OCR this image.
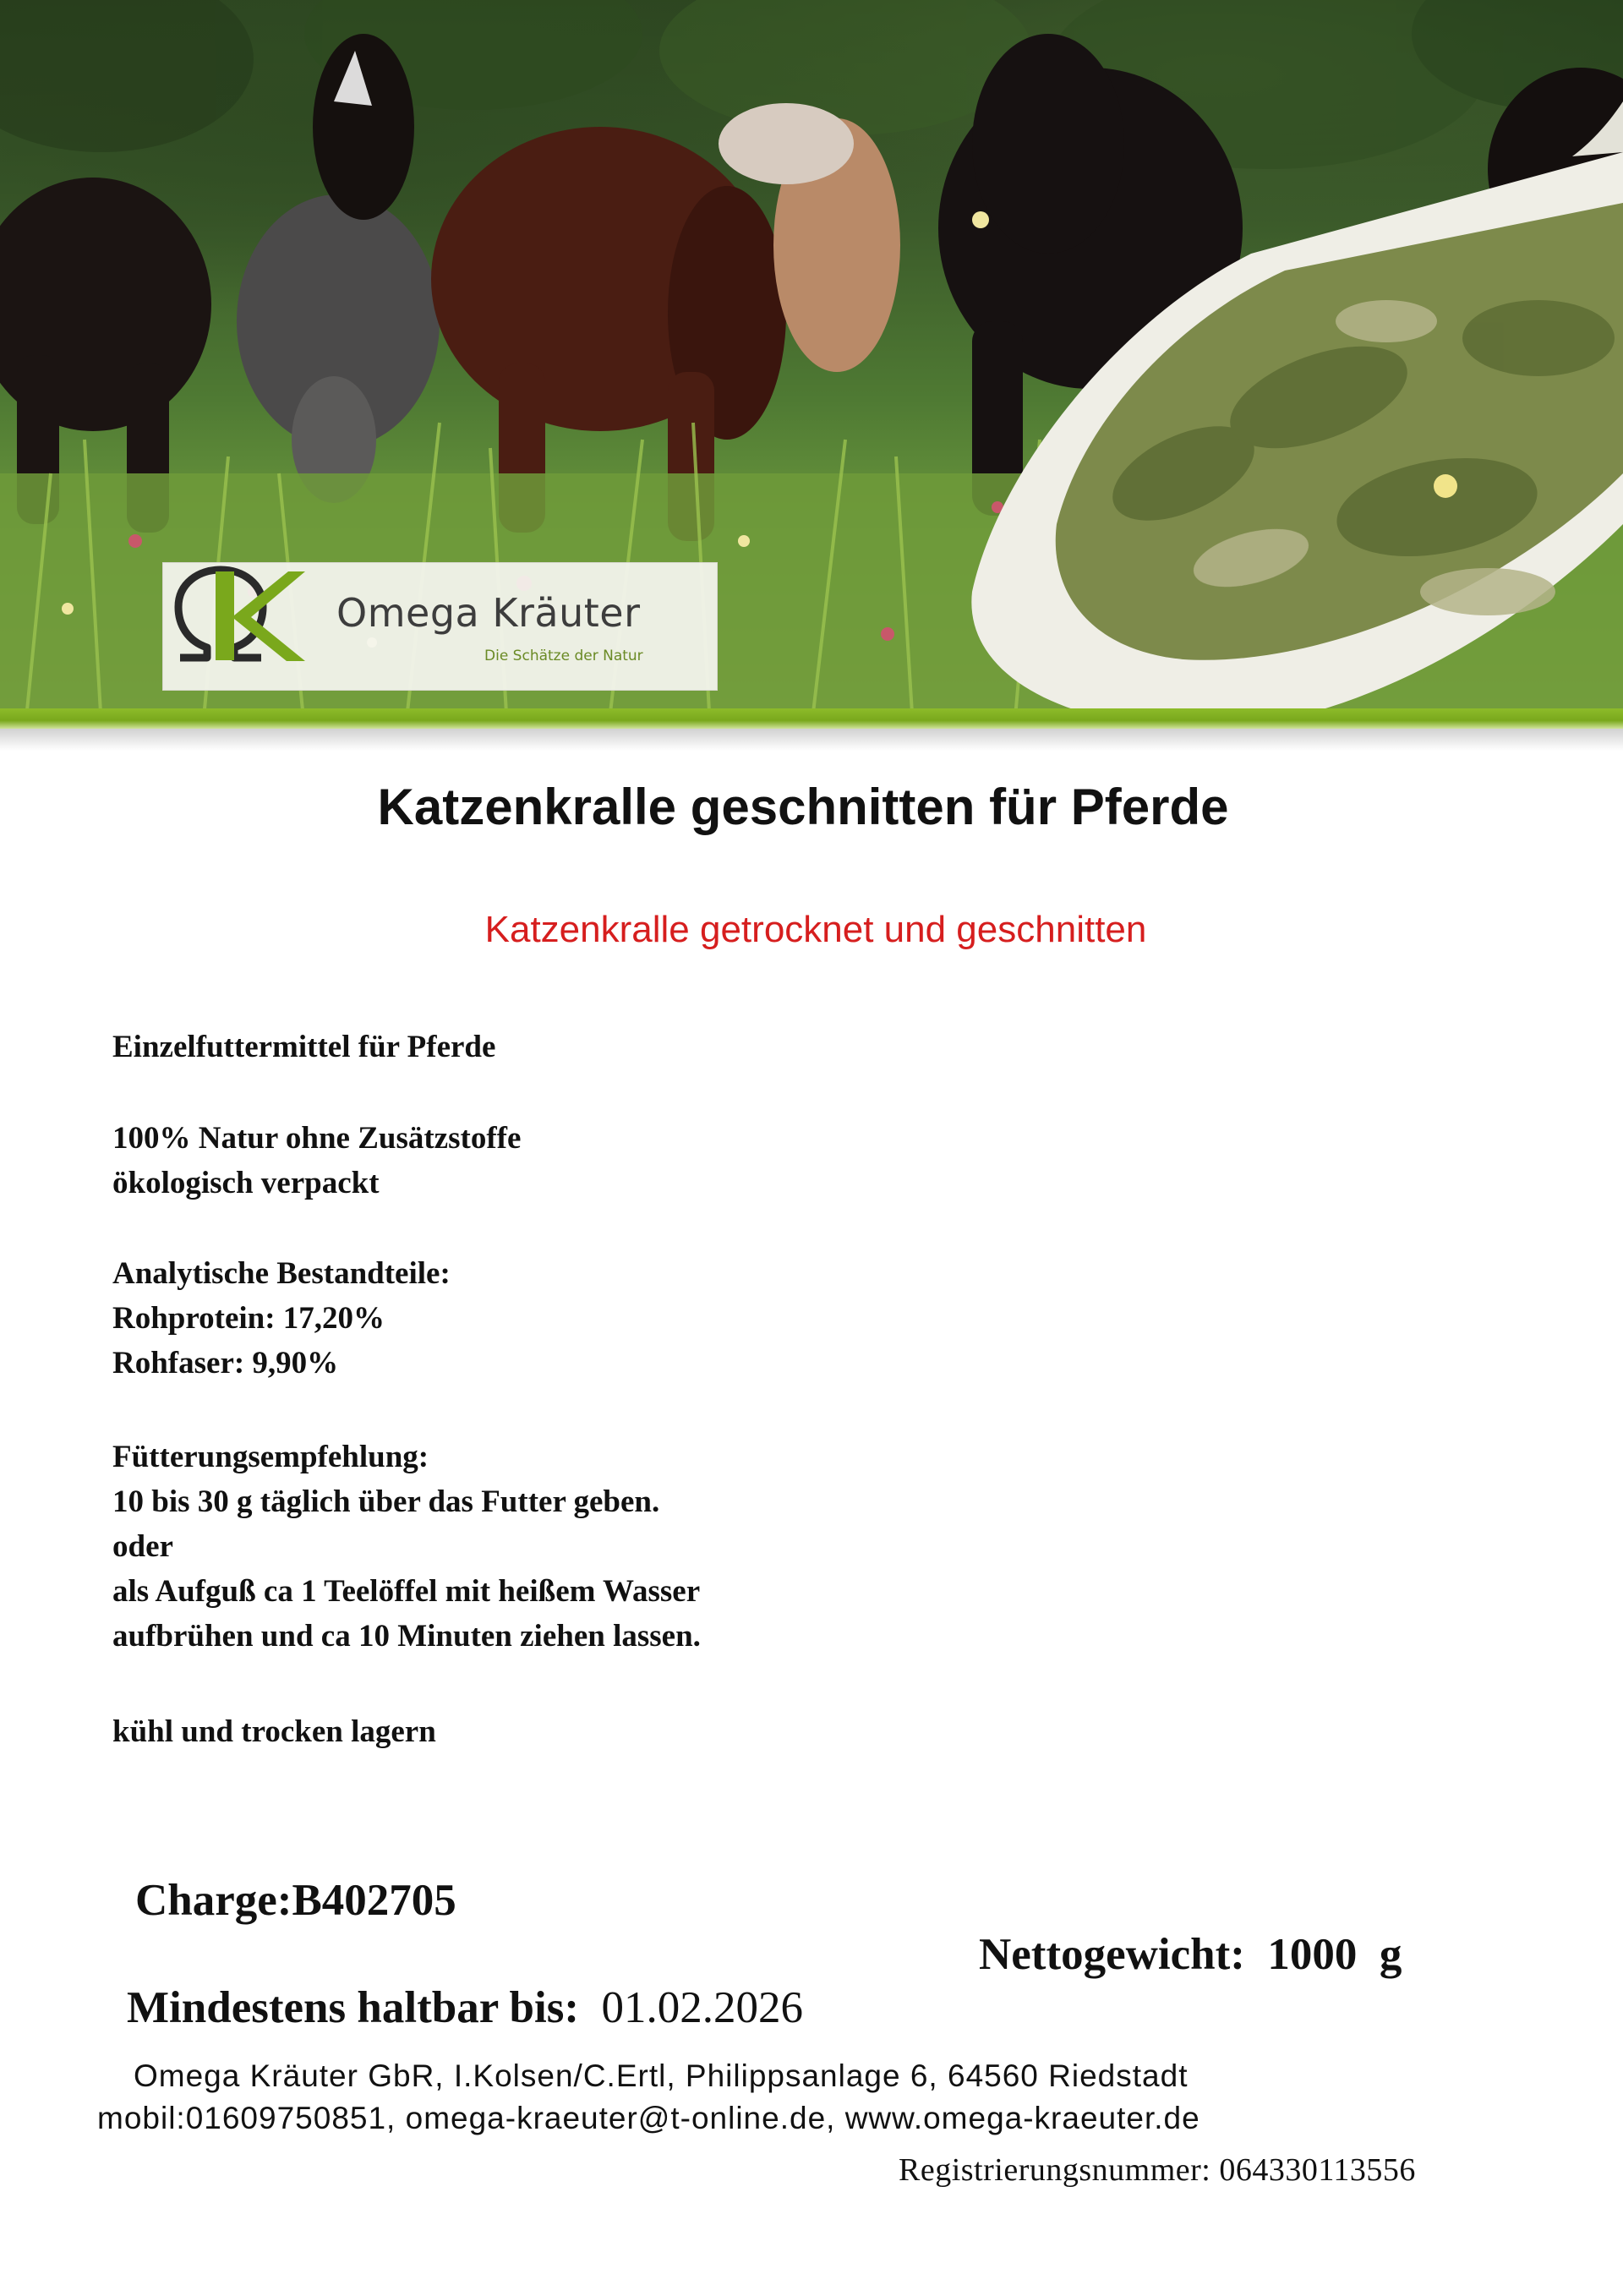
Omega Kräuter
Die Schätze der Natur
Katzenkralle geschnitten für Pferde
Katzenkralle getrocknet und geschnitten
Einzelfuttermittel für Pferde
100% Natur ohne Zusätzstoffe
ökologisch verpackt
Analytische Bestandteile:
Rohprotein: 17,20%
Rohfaser: 9,90%
Fütterungsempfehlung:
10 bis 30 g täglich über das Futter geben.
oder
als Aufguß ca 1 Teelöffel mit heißem Wasser
aufbrühen und ca 10 Minuten ziehen lassen.
kühl und trocken lagern
Charge:B402705
Nettogewicht: 1000  g
Mindestens haltbar bis: 01.02.2026
Omega Kräuter GbR, I.Kolsen/C.Ertl, Philippsanlage 6, 64560 Riedstadt
mobil:01609750851, omega-kraeuter@t-online.de, www.omega-kraeuter.de
Registrierungsnummer: 064330113556
